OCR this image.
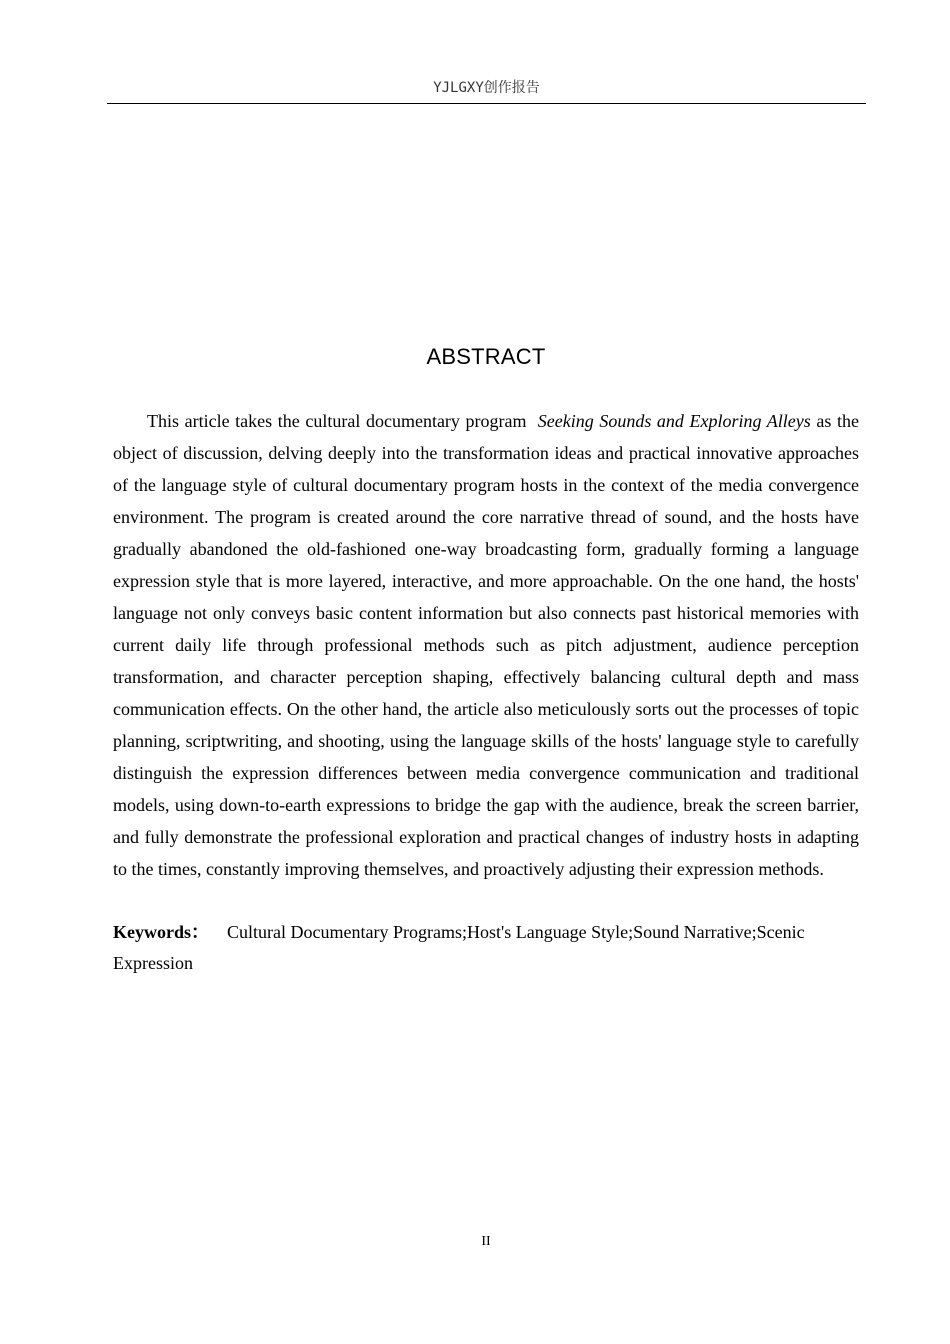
YJLGXY创作报告
ABSTRACT

This article takes the cultural documentary program Seeking Sounds and Exploring Alleys as the object of discussion, delving deeply into the transformation ideas and practical innovative approaches of the language style of cultural documentary program hosts in the context of the media convergence environment. The program is created around the core narrative thread of sound, and the hosts have gradually abandoned the old-fashioned one-way broadcasting form, gradually forming a language expression style that is more layered, interactive, and more approachable. On the one hand, the hosts' language not only conveys basic content information but also connects past historical memories with current daily life through professional methods such as pitch adjustment, audience perception transformation, and character perception shaping, effectively balancing cultural depth and mass communication effects. On the other hand, the article also meticulously sorts out the processes of topic planning, scriptwriting, and shooting, using the language skills of the hosts' language style to carefully distinguish the expression differences between media convergence communication and traditional models, using down-to-earth expressions to bridge the gap with the audience, break the screen barrier, and fully demonstrate the professional exploration and practical changes of industry hosts in adapting to the times, constantly improving themselves, and proactively adjusting their expression methods.

Keywords： Cultural Documentary Programs;Host's Language Style;Sound Narrative;Scenic Expression

II
